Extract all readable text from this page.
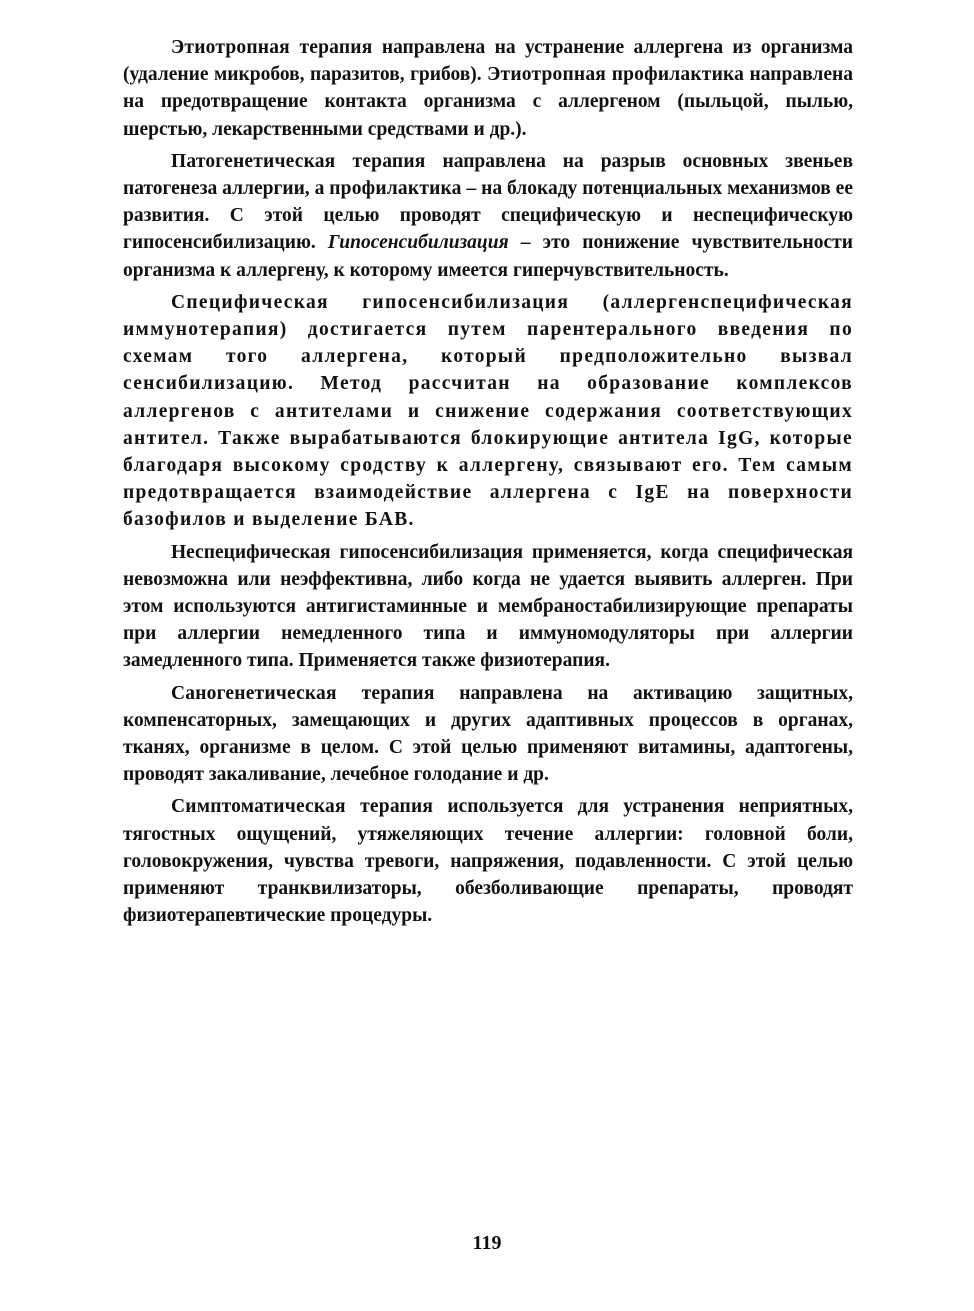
Этиотропная терапия направлена на устранение аллергена из организма (удаление микробов, паразитов, грибов). Этиотропная профилактика направлена на предотвращение контакта организма с аллергеном (пыльцой, пылью, шерстью, лекарственными средствами и др.).

Патогенетическая терапия направлена на разрыв основных звеньев патогенеза аллергии, а профилактика – на блокаду потенциальных механизмов ее развития. С этой целью проводят специфическую и неспецифическую гипосенсибилизацию. Гипосенсибилизация – это понижение чувствительности организма к аллергену, к которому имеется гиперчувствительность.

Специфическая гипосенсибилизация (аллергенспецифическая иммунотерапия) достигается путем парентерального введения по схемам того аллергена, который предположительно вызвал сенсибилизацию. Метод рассчитан на образование комплексов аллергенов с антителами и снижение содержания соответствующих антител. Также вырабатываются блокирующие антитела IgG, которые благодаря высокому сродству к аллергену, связывают его. Тем самым предотвращается взаимодействие аллергена с IgE на поверхности базофилов и выделение БАВ.

Неспецифическая гипосенсибилизация применяется, когда специфическая невозможна или неэффективна, либо когда не удается выявить аллерген. При этом используются антигистаминные и мембраностабилизирующие препараты при аллергии немедленного типа и иммуномодуляторы при аллергии замедленного типа. Применяется также физиотерапия.

Саногенетическая терапия направлена на активацию защитных, компенсаторных, замещающих и других адаптивных процессов в органах, тканях, организме в целом. С этой целью применяют витамины, адаптогены, проводят закаливание, лечебное голодание и др.

Симптоматическая терапия используется для устранения неприятных, тягостных ощущений, утяжеляющих течение аллергии: головной боли, головокружения, чувства тревоги, напряжения, подавленности. С этой целью применяют транквилизаторы, обезболивающие препараты, проводят физиотерапевтические процедуры.

119
